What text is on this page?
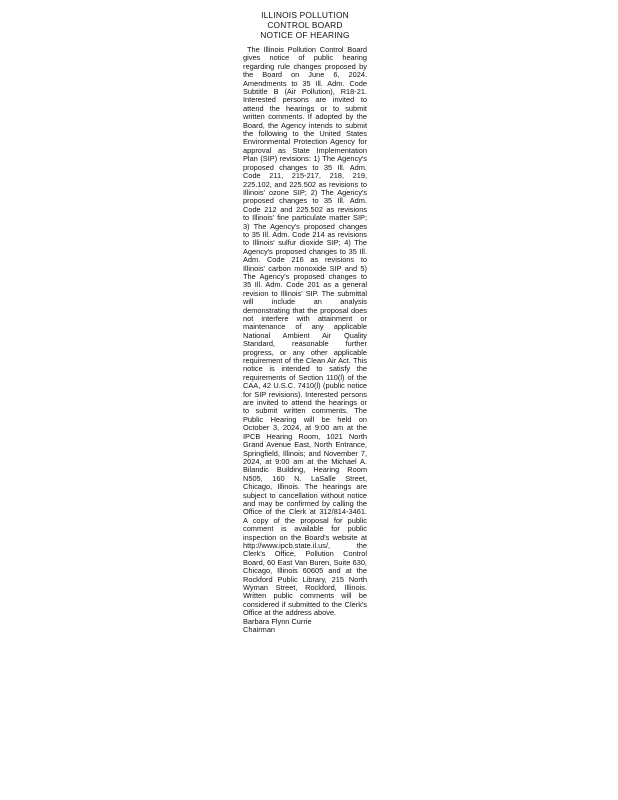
ILLINOIS POLLUTION
CONTROL BOARD
NOTICE OF HEARING
The Illinois Pollution Control Board gives notice of public hearing regarding rule changes proposed by the Board on June 6, 2024. Amendments to 35 Ill. Adm. Code Subtitle B (Air Pollution), R18-21. Interested persons are invited to attend the hearings or to submit written comments. If adopted by the Board, the Agency intends to submit the following to the United States Environmental Protection Agency for approval as State Implementation Plan (SIP) revisions: 1) The Agency's proposed changes to 35 Ill. Adm. Code 211, 215-217, 218, 219, 225.102, and 225.502 as revisions to Illinois' ozone SIP; 2) The Agency's proposed changes to 35 Ill. Adm. Code 212 and 225.502 as revisions to Illinois' fine particulate matter SIP; 3) The Agency's proposed changes to 35 Ill. Adm. Code 214 as revisions to Illinois' sulfur dioxide SIP; 4) The Agency's proposed changes to 35 Ill. Adm. Code 216 as revisions to Illinois' carbon monoxide SIP and 5) The Agency's proposed changes to 35 Ill. Adm. Code 201 as a general revision to Illinois' SIP. The submittal will include an analysis demonstrating that the proposal does not interfere with attainment or maintenance of any applicable National Ambient Air Quality Standard, reasonable further progress, or any other applicable requirement of the Clean Air Act. This notice is intended to satisfy the requirements of Section 110(l) of the CAA, 42 U.S.C. 7410(l) (public notice for SIP revisions). Interested persons are invited to attend the hearings or to submit written comments. The Public Hearing will be held on October 3, 2024, at 9:00 am at the IPCB Hearing Room, 1021 North Grand Avenue East, North Entrance, Springfield, Illinois; and November 7, 2024, at 9:00 am at the Michael A. Bilandic Building, Hearing Room N505, 160 N. LaSalle Street, Chicago, Illinois. The hearings are subject to cancellation without notice and may be confirmed by calling the Office of the Clerk at 312/814-3461. A copy of the proposal for public comment is available for public inspection on the Board's website at http://www.ipcb.state.il.us/, the Clerk's Office, Pollution Control Board, 60 East Van Buren, Suite 630, Chicago, Illinois 60605 and at the Rockford Public Library, 215 North Wyman Street, Rockford, Illinois. Written public comments will be considered if submitted to the Clerk's Office at the address above.
Barbara Flynn Currie
Chairman
